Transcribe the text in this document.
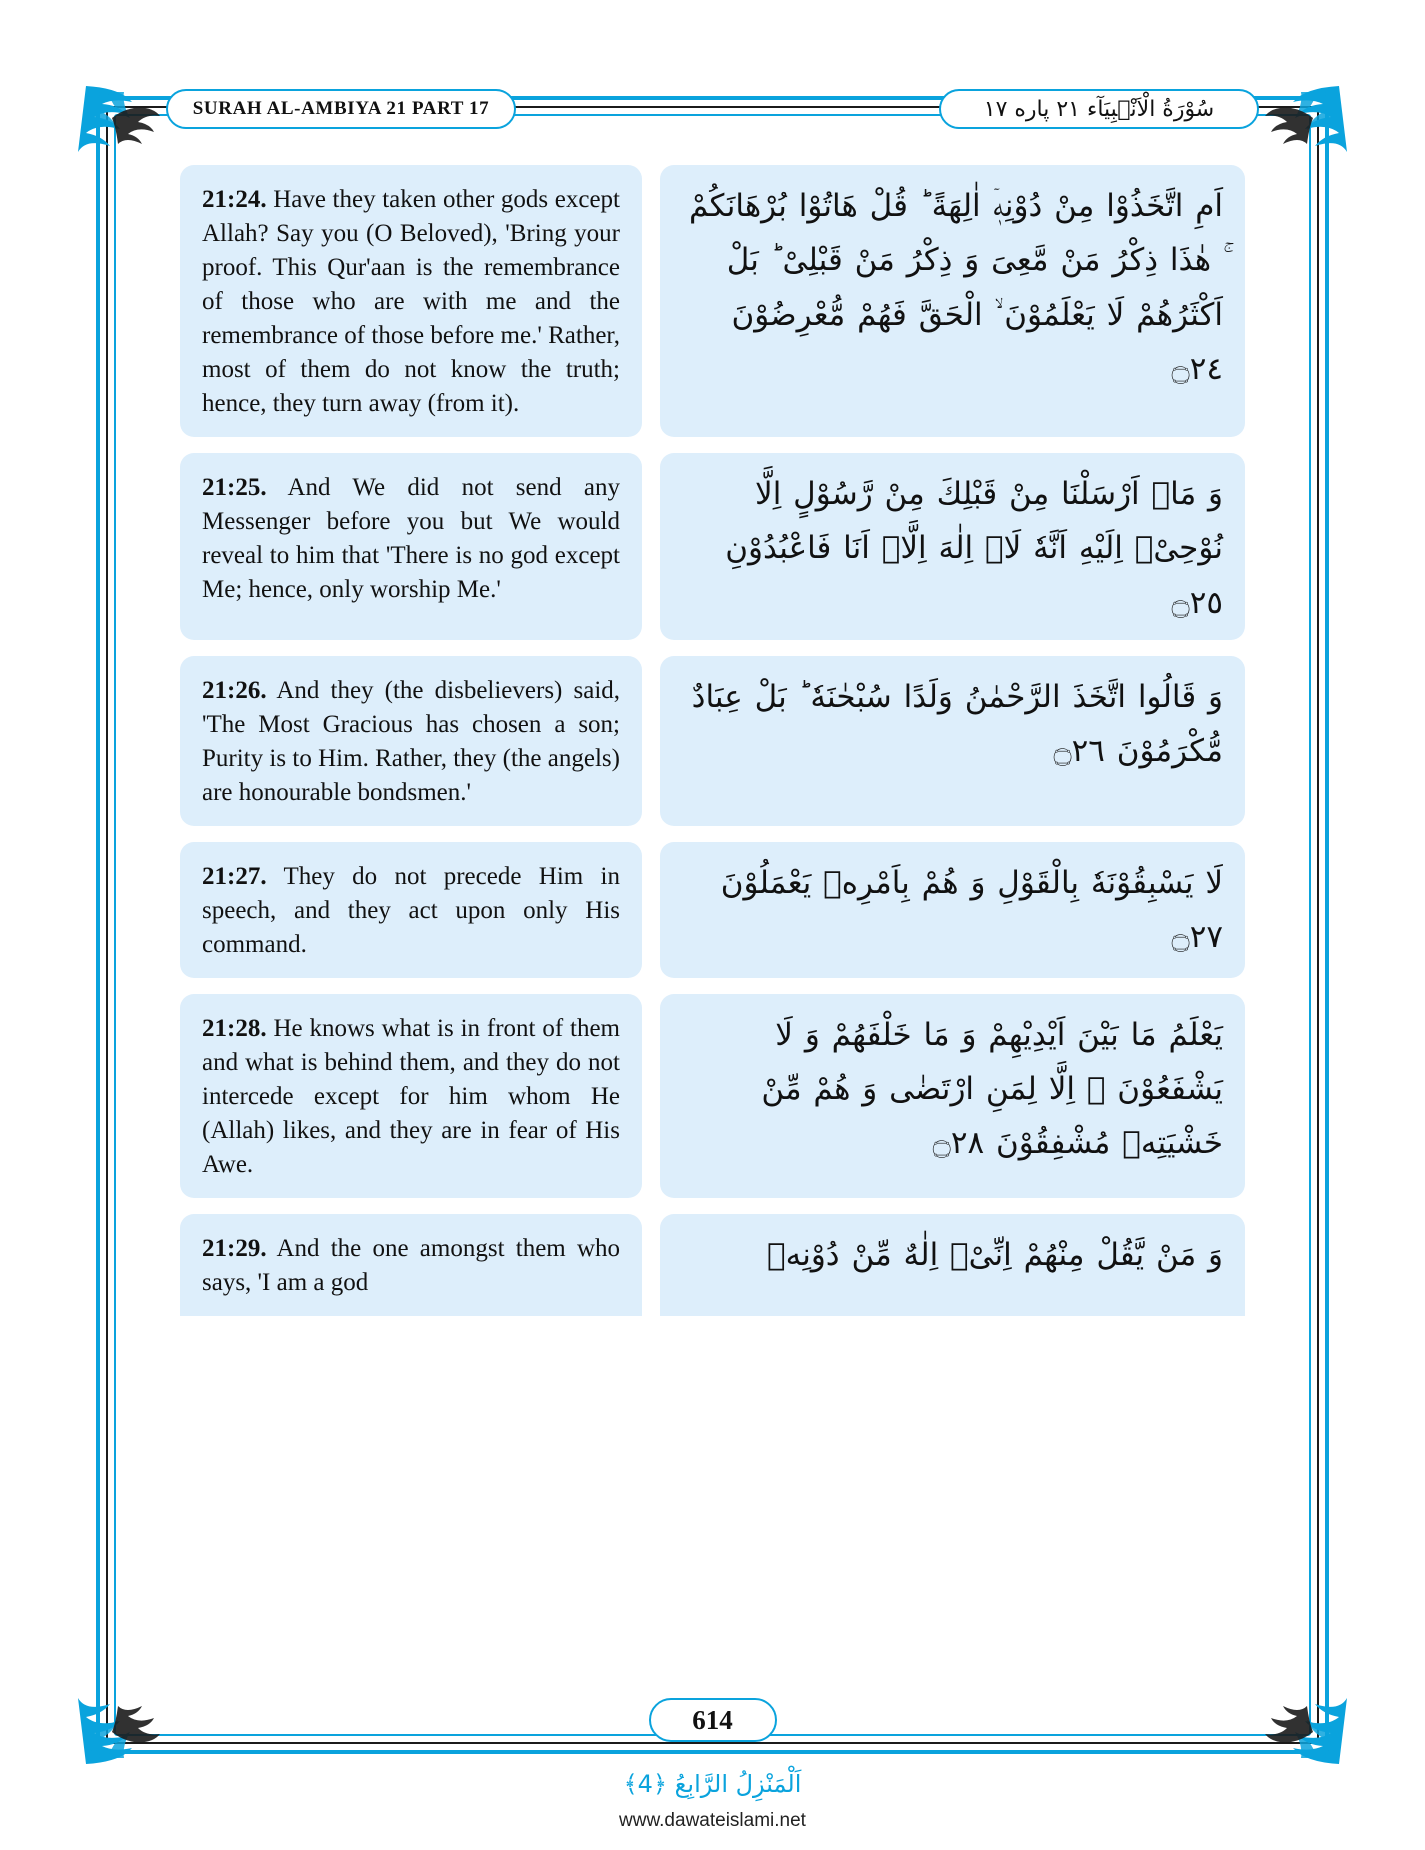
SURAH AL-AMBIYA 21 PART 17	سُوْرَةُ الْاَنْۢبِيَآء ٢١ پاره ١٧
21:24. Have they taken other gods except Allah? Say you (O Beloved), 'Bring your proof. This Qur'aan is the remembrance of those who are with me and the remembrance of those before me.' Rather, most of them do not know the truth; hence, they turn away (from it).
اَمِ اتَّخَذُوْا مِنْ دُوْنِهٖۤ اٰلِهَةً ؕ قُلْ هَاتُوْا بُرْهَانَكُمْ ۚ هٰذَا ذِكْرُ مَنْ مَّعِیَ وَ ذِكْرُ مَنْ قَبْلِیْ ؕ بَلْ اَكْثَرُهُمْ لَا یَعْلَمُوْنَ ۙ الْحَقَّ فَهُمْ مُّعْرِضُوْنَ ۝٢٤
21:25. And We did not send any Messenger before you but We would reveal to him that 'There is no god except Me; hence, only worship Me.'
وَ مَاۤ اَرْسَلْنَا مِنْ قَبْلِكَ مِنْ رَّسُوْلٍ اِلَّا نُوْحِیْۤ اِلَیْهِ اَنَّهٗ لَاۤ اِلٰهَ اِلَّاۤ اَنَا فَاعْبُدُوْنِ ۝٢٥
21:26. And they (the disbelievers) said, 'The Most Gracious has chosen a son; Purity is to Him. Rather, they (the angels) are honourable bondsmen.'
وَ قَالُوا اتَّخَذَ الرَّحْمٰنُ وَلَدًا سُبْحٰنَهٗ ؕ بَلْ عِبَادٌ مُّكْرَمُوْنَ ۝٢٦
21:27. They do not precede Him in speech, and they act upon only His command.
لَا یَسْبِقُوْنَهٗ بِالْقَوْلِ وَ هُمْ بِاَمْرِهٖ یَعْمَلُوْنَ ۝٢٧
21:28. He knows what is in front of them and what is behind them, and they do not intercede except for him whom He (Allah) likes, and they are in fear of His Awe.
یَعْلَمُ مَا بَیْنَ اَیْدِیْهِمْ وَ مَا خَلْفَهُمْ وَ لَا یَشْفَعُوْنَ ۙ اِلَّا لِمَنِ ارْتَضٰى وَ هُمْ مِّنْ خَشْیَتِهٖ مُشْفِقُوْنَ ۝٢٨
21:29. And the one amongst them who says, 'I am a god
وَ مَنْ یَّقُلْ مِنْهُمْ اِنِّیْۤ اِلٰهٌ مِّنْ دُوْنِهٖ
614
اَلْمَنْزِلُ الرَّابِعُ ﴿4﴾
www.dawateislami.net
